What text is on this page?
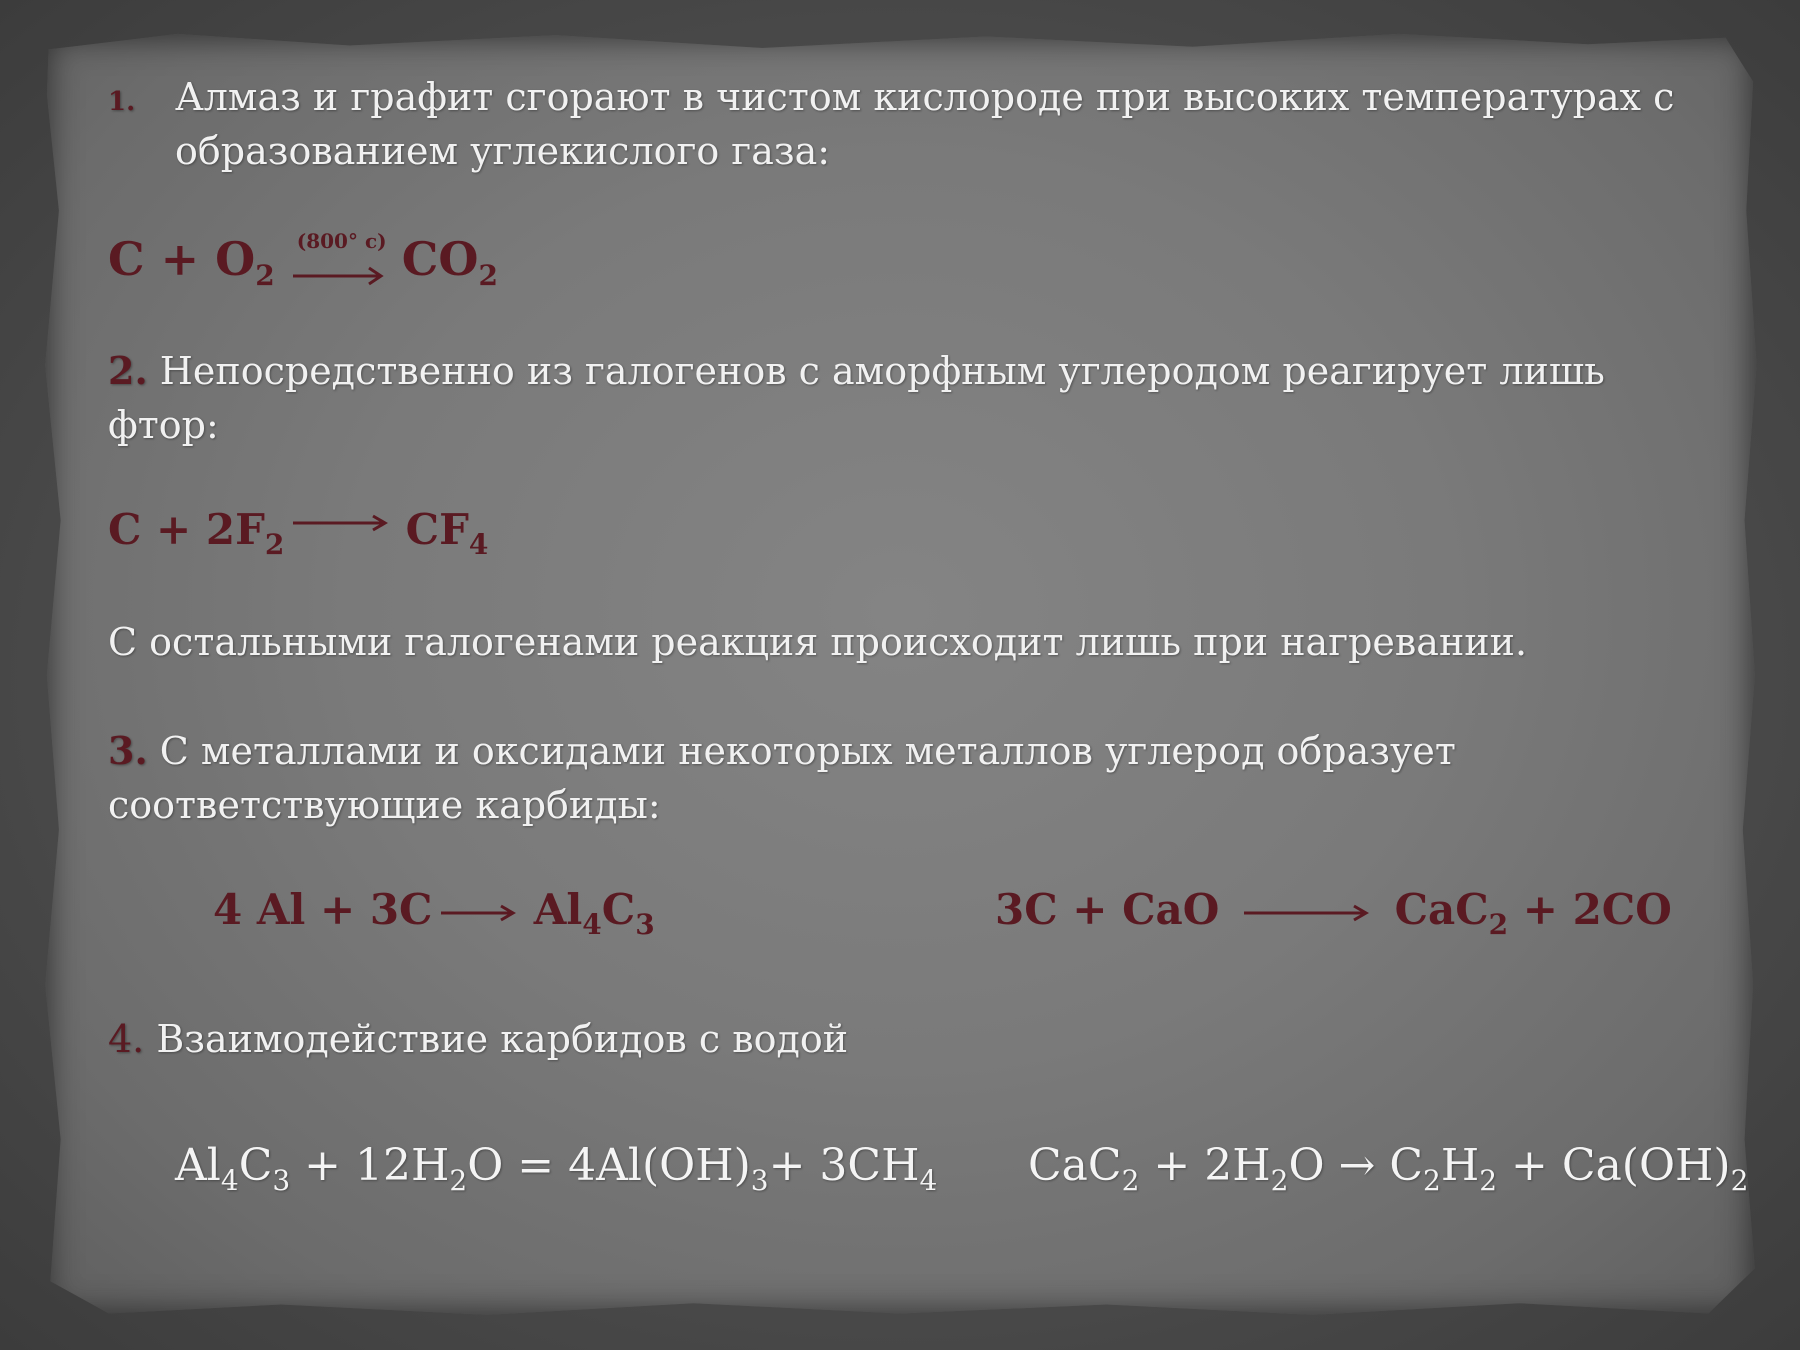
1. Алмаз и графит сгорают в чистом кислороде при высоких температурах с
образованием углекислого газа:
$C + O_2$
(800° c) $CO_2$
2. Непосредственно из галогенов с аморфным углеродом реагирует лишь
фтор:
$C + 2F_2$	$CF_4$
С остальными галогенами реакция происходит лишь при нагревании.
3. С металлами и оксидами некоторых металлов углерод образует
соответствующие карбиды:
4 Al + 3C $Al_4C_3$	3C + CaO	CaC$_2$ + 2CO
4. Взаимодействие карбидов с водой
$Al_4C_3 + 12H_2O = 4Al(OH)_3+ 3CH_4$ $CaC_2 + 2H_2O \to C_2H_2 + Ca(OH)_2$
